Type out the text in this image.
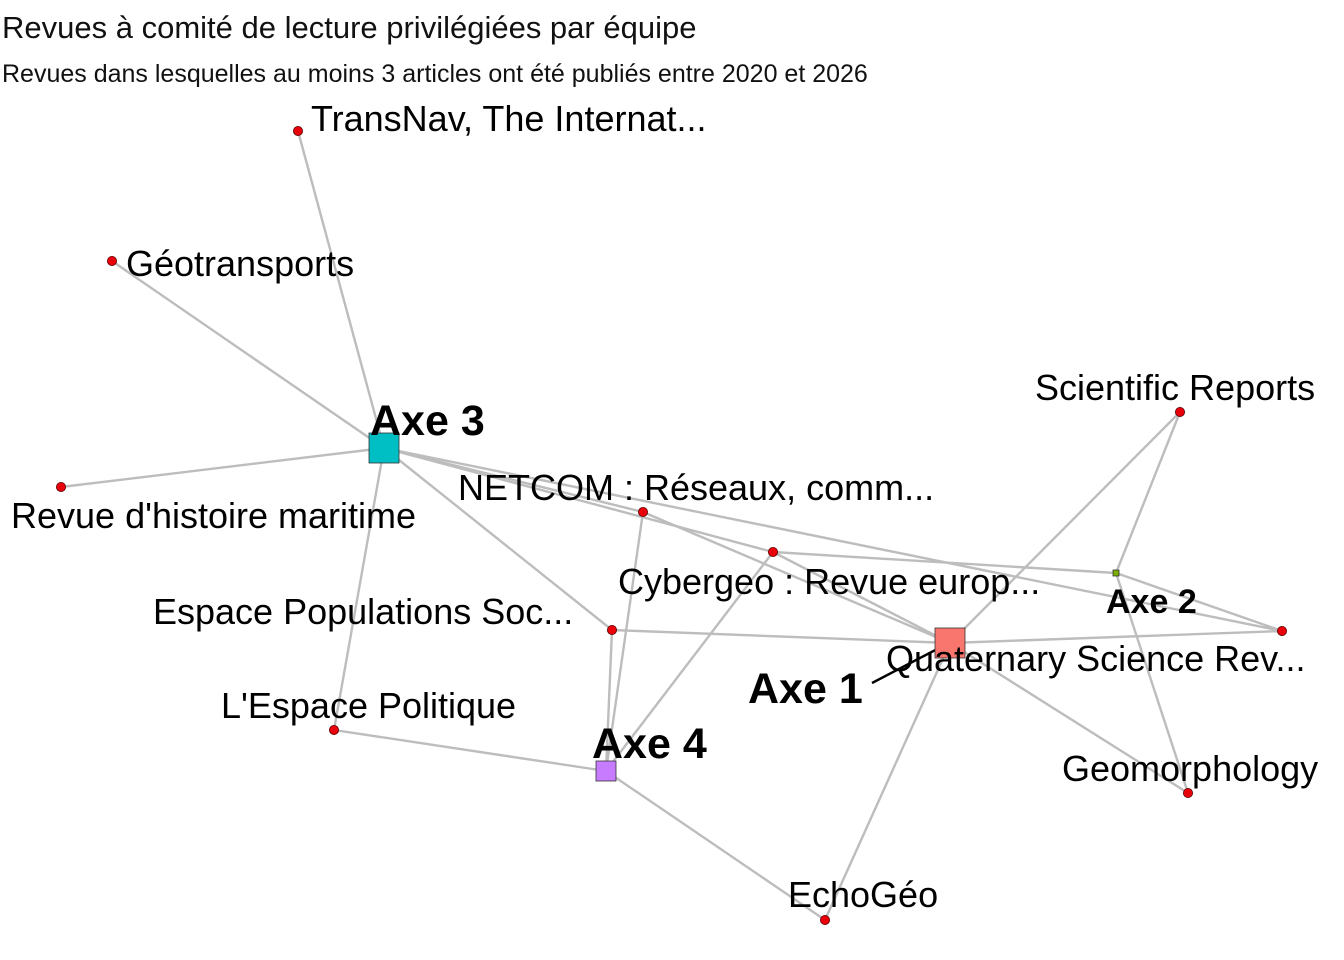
Revues à comité de lecture privilégiées par équipe
Revues dans lesquelles au moins 3 articles ont été publiés entre 2020 et 2026
TransNav, The Internat...
Géotransports
Revue d'histoire maritime
NETCOM : Réseaux, comm...
Cybergeo : Revue europ...
Espace Populations Soc...
L'Espace Politique
EchoGéo
Scientific Reports
Quaternary Science Rev...
Geomorphology
Axe 1
Axe 2
Axe 3
Axe 4
